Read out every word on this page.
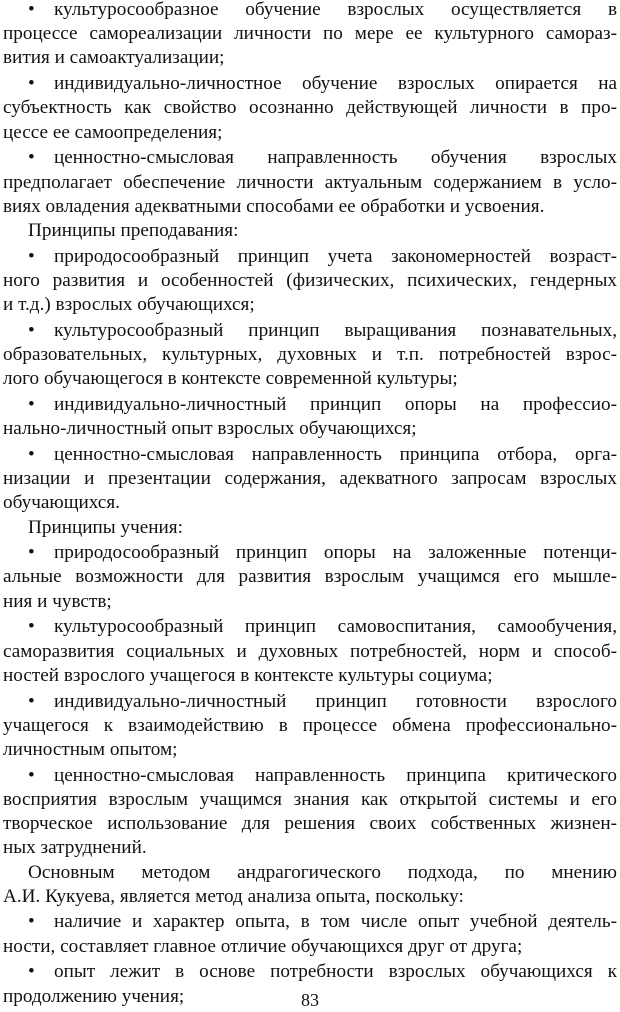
• культуросообразное обучение взрослых осуществляется в
процессе самореализации личности по мере ее культурного самораз-
вития и самоактуализации;
• индивидуально-личностное обучение взрослых опирается на
субъектность как свойство осознанно действующей личности в про-
цессе ее самоопределения;
• ценностно-смысловая направленность обучения взрослых
предполагает обеспечение личности актуальным содержанием в усло-
виях овладения адекватными способами ее обработки и усвоения.
Принципы преподавания:
• природосообразный принцип учета закономерностей возраст-
ного развития и особенностей (физических, психических, гендерных
и т.д.) взрослых обучающихся;
• культуросообразный принцип выращивания познавательных,
образовательных, культурных, духовных и т.п. потребностей взрос-
лого обучающегося в контексте современной культуры;
• индивидуально-личностный принцип опоры на профессио-
нально-личностный опыт взрослых обучающихся;
• ценностно-смысловая направленность принципа отбора, орга-
низации и презентации содержания, адекватного запросам взрослых
обучающихся.
Принципы учения:
• природосообразный принцип опоры на заложенные потенци-
альные возможности для развития взрослым учащимся его мышле-
ния и чувств;
• культуросообразный принцип самовоспитания, самообучения,
саморазвития социальных и духовных потребностей, норм и способ-
ностей взрослого учащегося в контексте культуры социума;
• индивидуально-личностный принцип готовности взрослого
учащегося к взаимодействию в процессе обмена профессионально-
личностным опытом;
• ценностно-смысловая направленность принципа критического
восприятия взрослым учащимся знания как открытой системы и его
творческое использование для решения своих собственных жизнен-
ных затруднений.
Основным методом андрагогического подхода, по мнению
А.И. Кукуева, является метод анализа опыта, поскольку:
• наличие и характер опыта, в том числе опыт учебной деятель-
ности, составляет главное отличие обучающихся друг от друга;
• опыт лежит в основе потребности взрослых обучающихся к
продолжению учения;	83
